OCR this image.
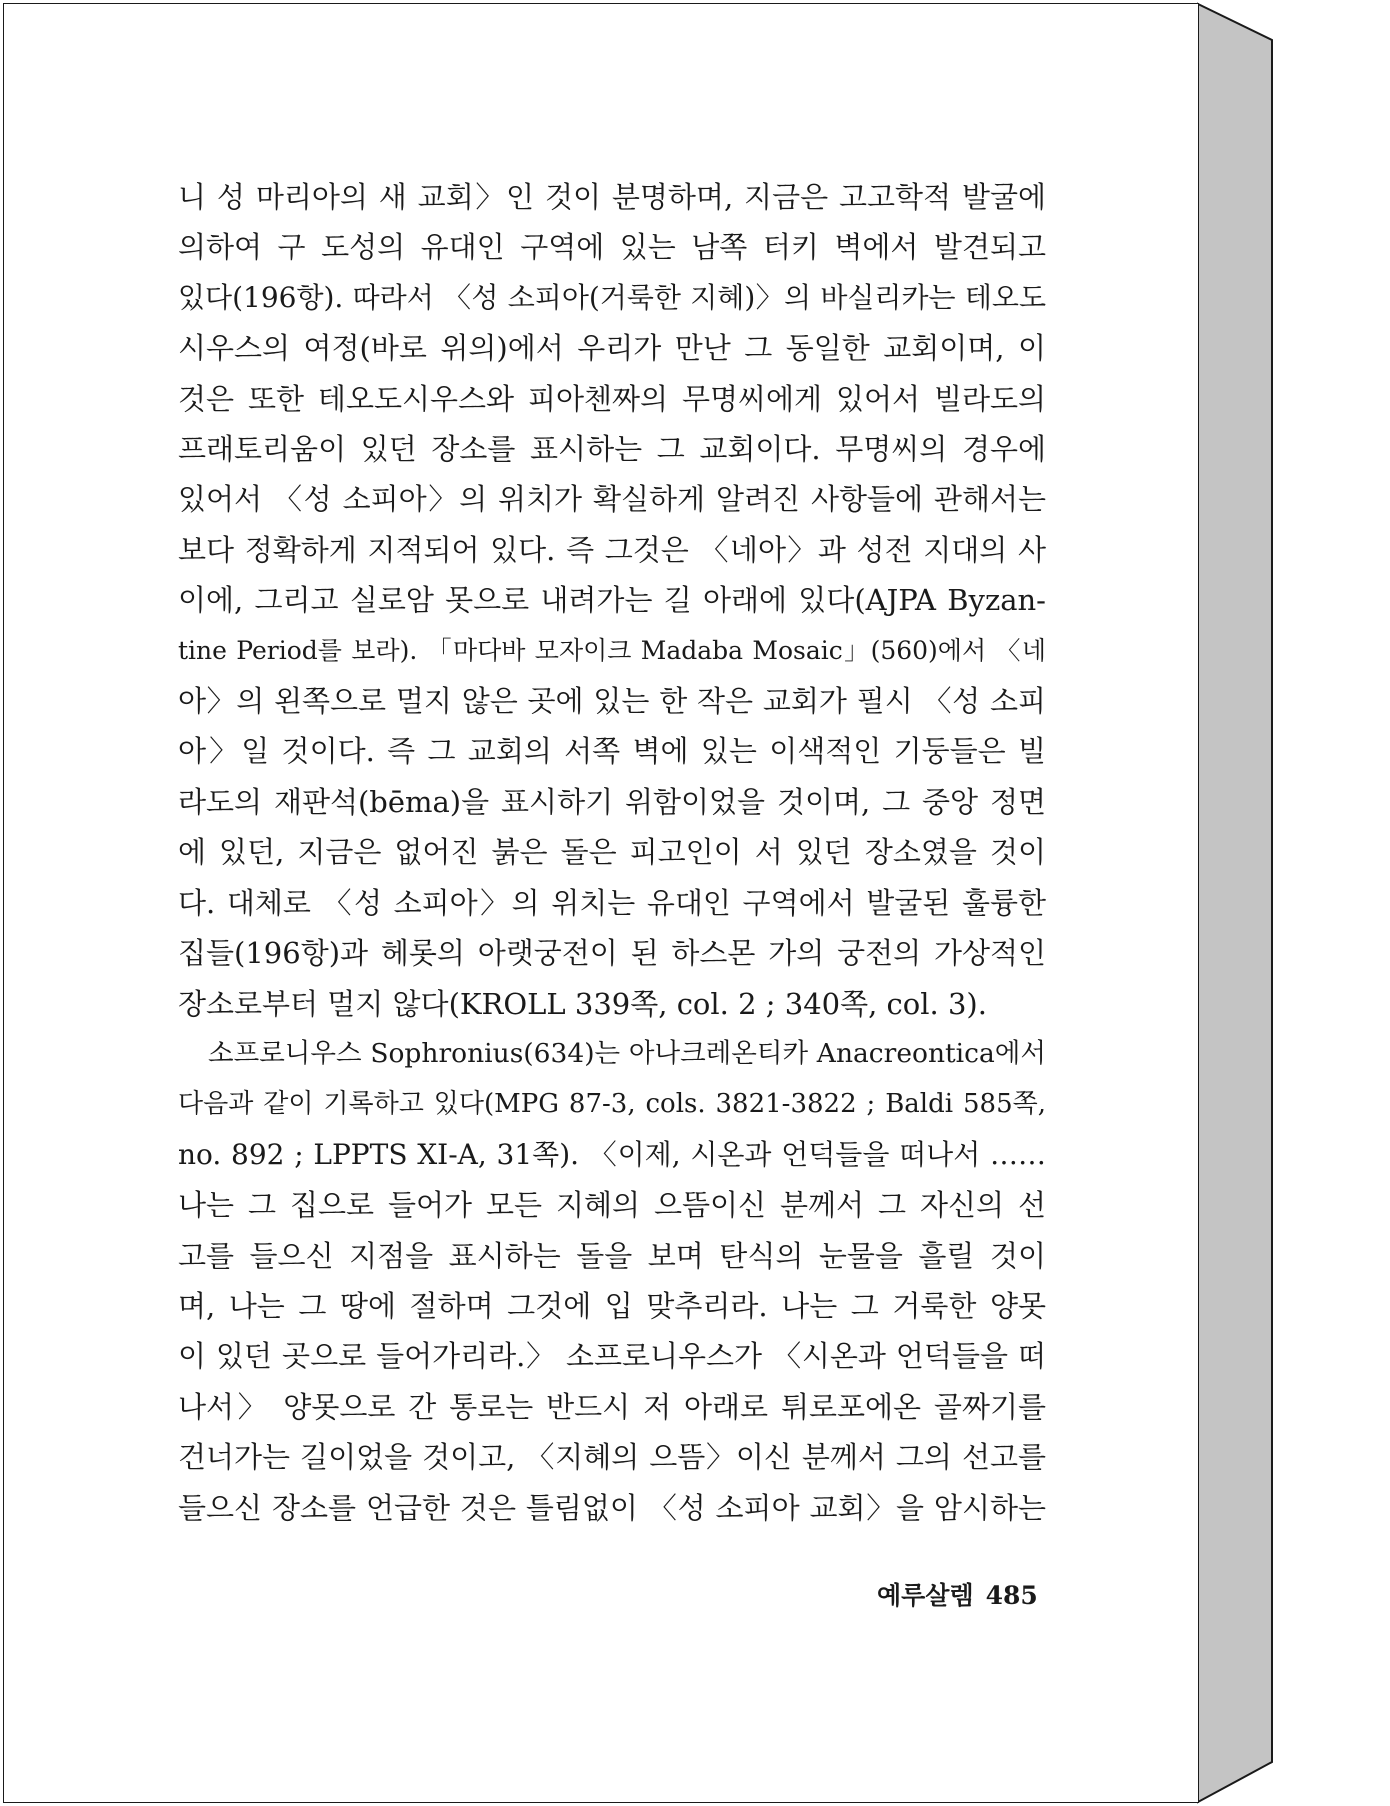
니 성 마리아의 새 교회〉인 것이 분명하며, 지금은 고고학적 발굴에
의하여 구 도성의 유대인 구역에 있는 남쪽 터키 벽에서 발견되고
있다(196항). 따라서 〈성 소피아(거룩한 지혜)〉의 바실리카는 테오도
시우스의 여정(바로 위의)에서 우리가 만난 그 동일한 교회이며, 이
것은 또한 테오도시우스와 피아첸짜의 무명씨에게 있어서 빌라도의
프래토리움이 있던 장소를 표시하는 그 교회이다. 무명씨의 경우에
있어서 〈성 소피아〉의 위치가 확실하게 알려진 사항들에 관해서는
보다 정확하게 지적되어 있다. 즉 그것은 〈네아〉과 성전 지대의 사
이에, 그리고 실로암 못으로 내려가는 길 아래에 있다(AJPA Byzan-
tine Period를 보라). 「마다바 모자이크 Madaba Mosaic」(560)에서 〈네
아〉의 왼쪽으로 멀지 않은 곳에 있는 한 작은 교회가 필시 〈성 소피
아〉일 것이다. 즉 그 교회의 서쪽 벽에 있는 이색적인 기둥들은 빌
라도의 재판석(bēma)을 표시하기 위함이었을 것이며, 그 중앙 정면
에 있던, 지금은 없어진 붉은 돌은 피고인이 서 있던 장소였을 것이
다. 대체로 〈성 소피아〉의 위치는 유대인 구역에서 발굴된 훌륭한
집들(196항)과 헤롯의 아랫궁전이 된 하스몬 가의 궁전의 가상적인
장소로부터 멀지 않다(KROLL 339쪽, col. 2 ; 340쪽, col. 3).
소프로니우스 Sophronius(634)는 아나크레온티카 Anacreontica에서
다음과 같이 기록하고 있다(MPG 87-3, cols. 3821-3822 ; Baldi 585쪽,
no. 892 ; LPPTS XI-A, 31쪽). 〈이제, 시온과 언덕들을 떠나서 ……
나는 그 집으로 들어가 모든 지혜의 으뜸이신 분께서 그 자신의 선
고를 들으신 지점을 표시하는 돌을 보며 탄식의 눈물을 흘릴 것이
며, 나는 그 땅에 절하며 그것에 입 맞추리라. 나는 그 거룩한 양못
이 있던 곳으로 들어가리라.〉 소프로니우스가 〈시온과 언덕들을 떠
나서〉 양못으로 간 통로는 반드시 저 아래로 튀로포에온 골짜기를
건너가는 길이었을 것이고, 〈지혜의 으뜸〉이신 분께서 그의 선고를
들으신 장소를 언급한 것은 틀림없이 〈성 소피아 교회〉을 암시하는
예루살렘 485
